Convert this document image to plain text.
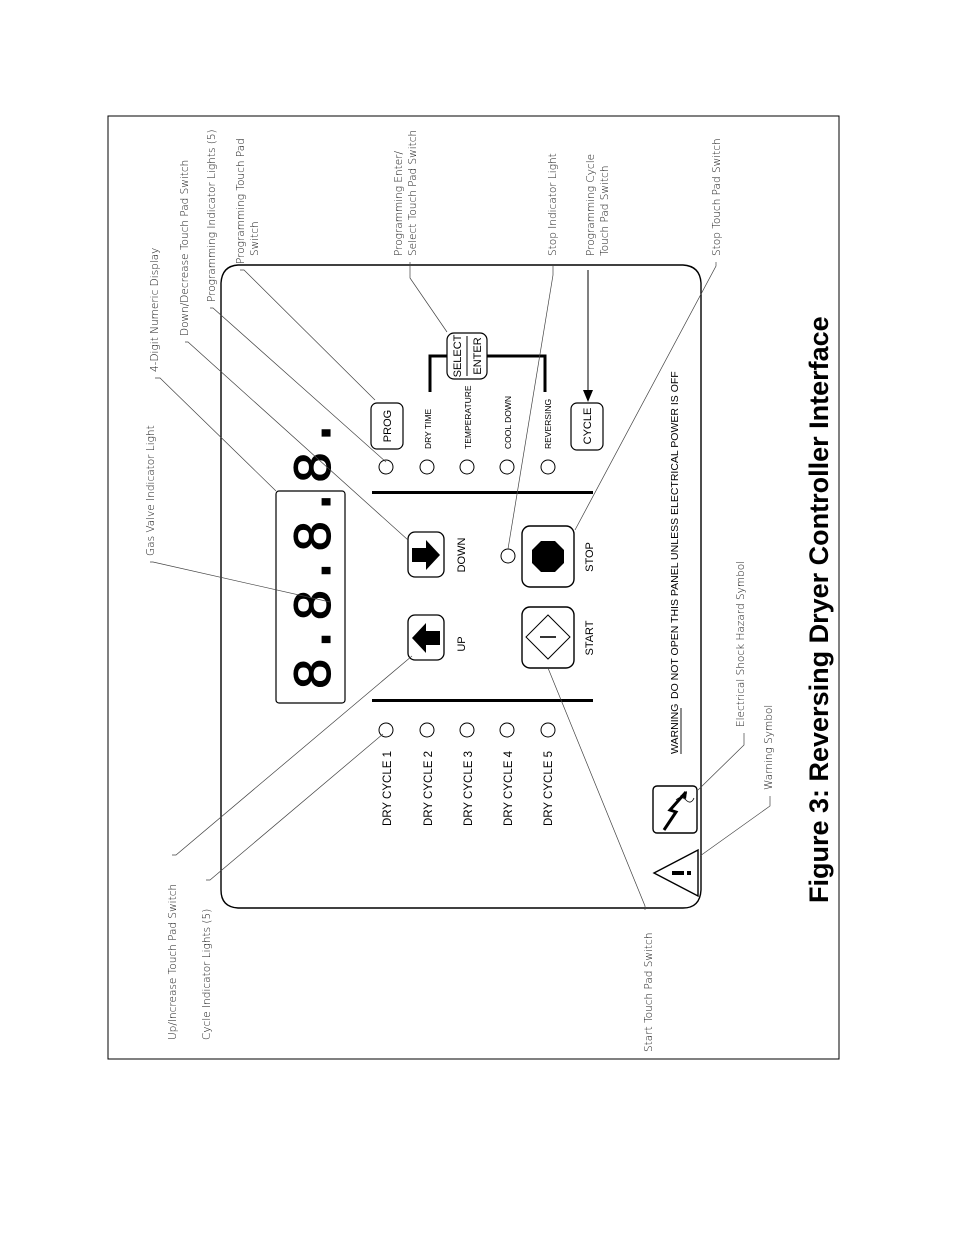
8.8.8.8.	UP
DOWN
START
STOP
DRY CYCLE 1	DRY CYCLE 2 DRY CYCLE 3 DRY CYCLE 4 DRY CYCLE 5
DRY TIME	TEMPERATURE	COOL DOWN	REVERSING
PROG
SELECT ENTER
CYCLE
WARNING
DO NOT OPEN THIS PANEL UNLESS ELECTRICAL POWER IS OFF
Gas Valve Indicator Light
4-Digit Numeric Display Down/Decrease Touch Pad Switch Programming Indicator Lights (5) Programming Touch Pad Switch	Programming Enter/ Select Touch Pad Switch	Stop Indicator Light Programming Cycle Touch Pad Switch	Stop Touch Pad Switch
Up/Increase Touch Pad Switch Cycle Indicator Lights (5)	Start Touch Pad Switch
Electrical Shock Hazard Symbol
Warning Symbol Figure 3: Reversing Dryer Controller Interface
